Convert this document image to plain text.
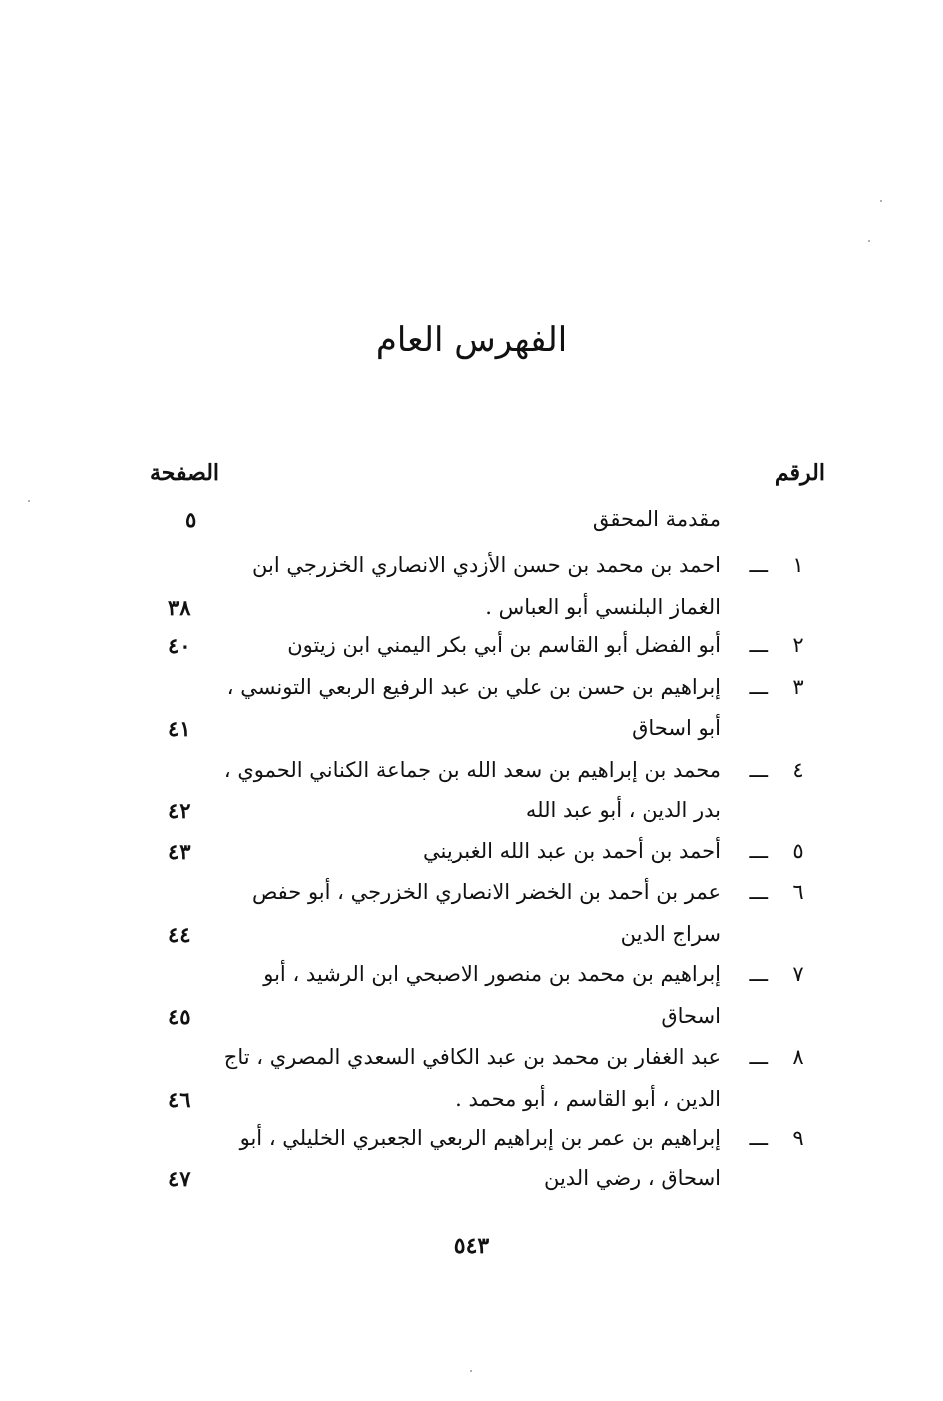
الفهرس العام
الرقم
الصفحة
مقدمة المحقق
٥
١
ـــ
احمد بن محمد بن حسن الأزدي الانصاري الخزرجي ابن
الغماز البلنسي أبو العباس .
٣٨
٢
ـــ
أبو الفضل أبو القاسم بن أبي بكر اليمني ابن زيتون
٤٠
٣
ـــ
إبراهيم بن حسن بن علي بن عبد الرفيع الربعي التونسي ،
أبو اسحاق
٤١
٤
ـــ
محمد بن إبراهيم بن سعد الله بن جماعة الكناني الحموي ،
بدر الدين ، أبو عبد الله
٤٢
٥
ـــ
أحمد بن أحمد بن عبد الله الغبريني
٤٣
٦
ـــ
عمر بن أحمد بن الخضر الانصاري الخزرجي ، أبو حفص
سراج الدين
٤٤
٧
ـــ
إبراهيم بن محمد بن منصور الاصبحي ابن الرشيد ، أبو
اسحاق
٤٥
٨
ـــ
عبد الغفار بن محمد بن عبد الكافي السعدي المصري ، تاج
الدين ، أبو القاسم ، أبو محمد .
٤٦
٩
ـــ
إبراهيم بن عمر بن إبراهيم الربعي الجعبري الخليلي ، أبو
اسحاق ، رضي الدين
٤٧
٥٤٣
